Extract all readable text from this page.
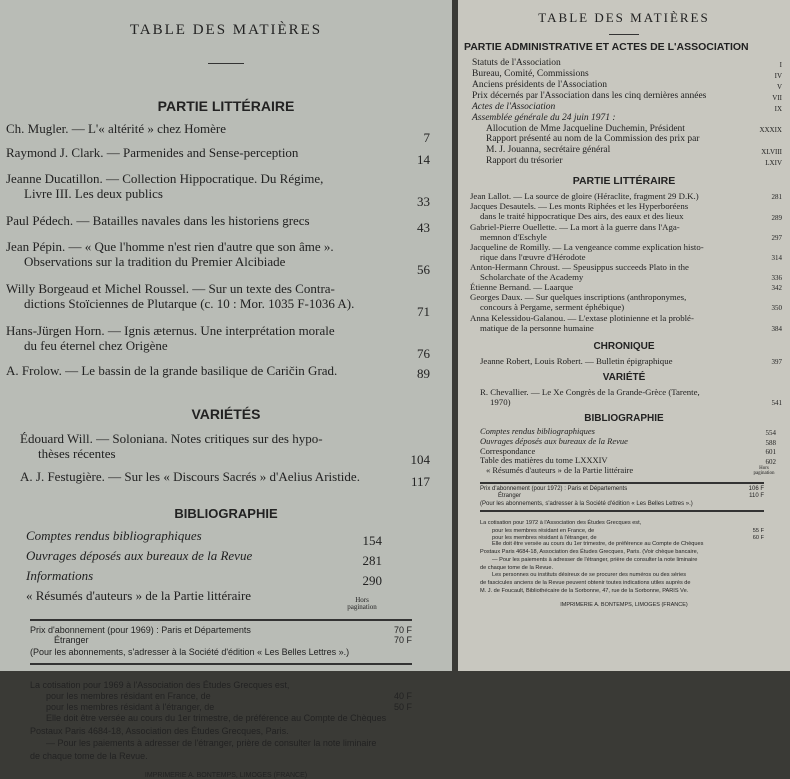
TABLE DES MATIÈRES
PARTIE LITTÉRAIRE
Ch. Mugler. — L'« altérité » chez Homère
7
Raymond J. Clark. — Parmenides and Sense-perception	14
Jeanne Ducatillon. — Collection Hippocratique. Du Régime,
Livre III. Les deux publics
33
Paul Pédech. — Batailles navales dans les historiens grecs	43
Jean Pépin. — « Que l'homme n'est rien d'autre que son âme ».
Observations sur la tradition du Premier Alcibiade
56
Willy Borgeaud et Michel Roussel. — Sur un texte des Contra-
dictions Stoïciennes de Plutarque (c. 10 : Mor. 1035 F-1036 A).
71
Hans-Jürgen Horn. — Ignis æternus. Une interprétation morale
du feu éternel chez Origène
76
A. Frolow. — Le bassin de la grande basilique de Caričin Grad.	89
VARIÉTÉS
Édouard Will. — Soloniana. Notes critiques sur des hypo-
thèses récentes	104
A. J. Festugière. — Sur les « Discours Sacrés » d'Aelius Aristide.	117
BIBLIOGRAPHIE
Comptes rendus bibliographiques	154
Ouvrages déposés aux bureaux de la Revue	281
Informations	290
« Résumés d'auteurs » de la Partie littéraire	Hors pagination
Prix d'abonnement (pour 1969) : Paris et Départements	70 F
Étranger	70 F
(Pour les abonnements, s'adresser à la Société d'édition « Les Belles Lettres ».)
La cotisation pour 1969 à l'Association des Études Grecques est,
pour les membres résidant en France, de	40 F
pour les membres résidant à l'étranger, de	50 F
Elle doit être versée au cours du 1er trimestre, de préférence au Compte de Chèques
Postaux Paris 4684-18, Association des Études Grecques, Paris.
— Pour les paiements à adresser de l'étranger, prière de consulter la note liminaire
de chaque tome de la Revue.
IMPRIMERIE A. BONTEMPS, LIMOGES (FRANCE)
TABLE DES MATIÈRES
PARTIE ADMINISTRATIVE ET ACTES DE L'ASSOCIATION
Statuts de l'Association	I
Bureau, Comité, Commissions	IV
Anciens présidents de l'Association	V
Prix décernés par l'Association dans les cinq dernières années	VII
Actes de l'Association	IX
Assemblée générale du 24 juin 1971 :
Allocution de Mme Jacqueline Duchemin, Président	XXXIX
Rapport présenté au nom de la Commission des prix par
M. J. Jouanna, secrétaire général	XLVIII
Rapport du trésorier	LXIV
PARTIE LITTÉRAIRE
Jean Lallot. — La source de gloire (Héraclite, fragment 29 D.K.)	281
Jacques Desautels. — Les monts Riphées et les Hyperboréens
dans le traité hippocratique Des airs, des eaux et des lieux	289
Gabriel-Pierre Ouellette. — La mort à la guerre dans l'Aga-
memnon d'Eschyle	297
Jacqueline de Romilly. — La vengeance comme explication histo-
rique dans l'œuvre d'Hérodote	314
Anton-Hermann Chroust. — Speusippus succeeds Plato in the
Scholarchate of the Academy	336
Étienne Bernand. — Laarque	342
Georges Daux. — Sur quelques inscriptions (anthroponymes,
concours à Pergame, serment éphébique)	350
Anna Kelessidou-Galanou. — L'extase plotinienne et la problé-
matique de la personne humaine	384
CHRONIQUE
Jeanne Robert, Louis Robert. — Bulletin épigraphique	397
VARIÉTÉ
R. Chevallier. — Le Xe Congrès de la Grande-Grèce (Tarente,
1970)	541
BIBLIOGRAPHIE
Comptes rendus bibliographiques	554
Ouvrages déposés aux bureaux de la Revue	588
Correspondance	601
Table des matières du tome LXXXIV	602
« Résumés d'auteurs » de la Partie littéraire	Hors pagination
Prix d'abonnement (pour 1972) : Paris et Départements	106 F
Étranger	110 F
(Pour les abonnements, s'adresser à la Société d'édition « Les Belles Lettres ».)
La cotisation pour 1972 à l'Association des Études Grecques est,
pour les membres résidant en France, de	55 F
pour les membres résidant à l'étranger, de	60 F
Elle doit être versée au cours du 1er trimestre, de préférence au Compte de Chèques
Postaux Paris 4684-18, Association des Études Grecques, Paris. (Voir chèque bancaire,
— Pour les paiements à adresser de l'étranger, prière de consulter la note liminaire
de chaque tome de la Revue.
Les personnes ou instituts désireux de se procurer des numéros ou des séries
de fascicules anciens de la Revue peuvent obtenir toutes indications utiles auprès de
M. J. de Foucault, Bibliothécaire de la Sorbonne, 47, rue de la Sorbonne, PARIS Ve.
IMPRIMERIE A. BONTEMPS, LIMOGES (FRANCE)
